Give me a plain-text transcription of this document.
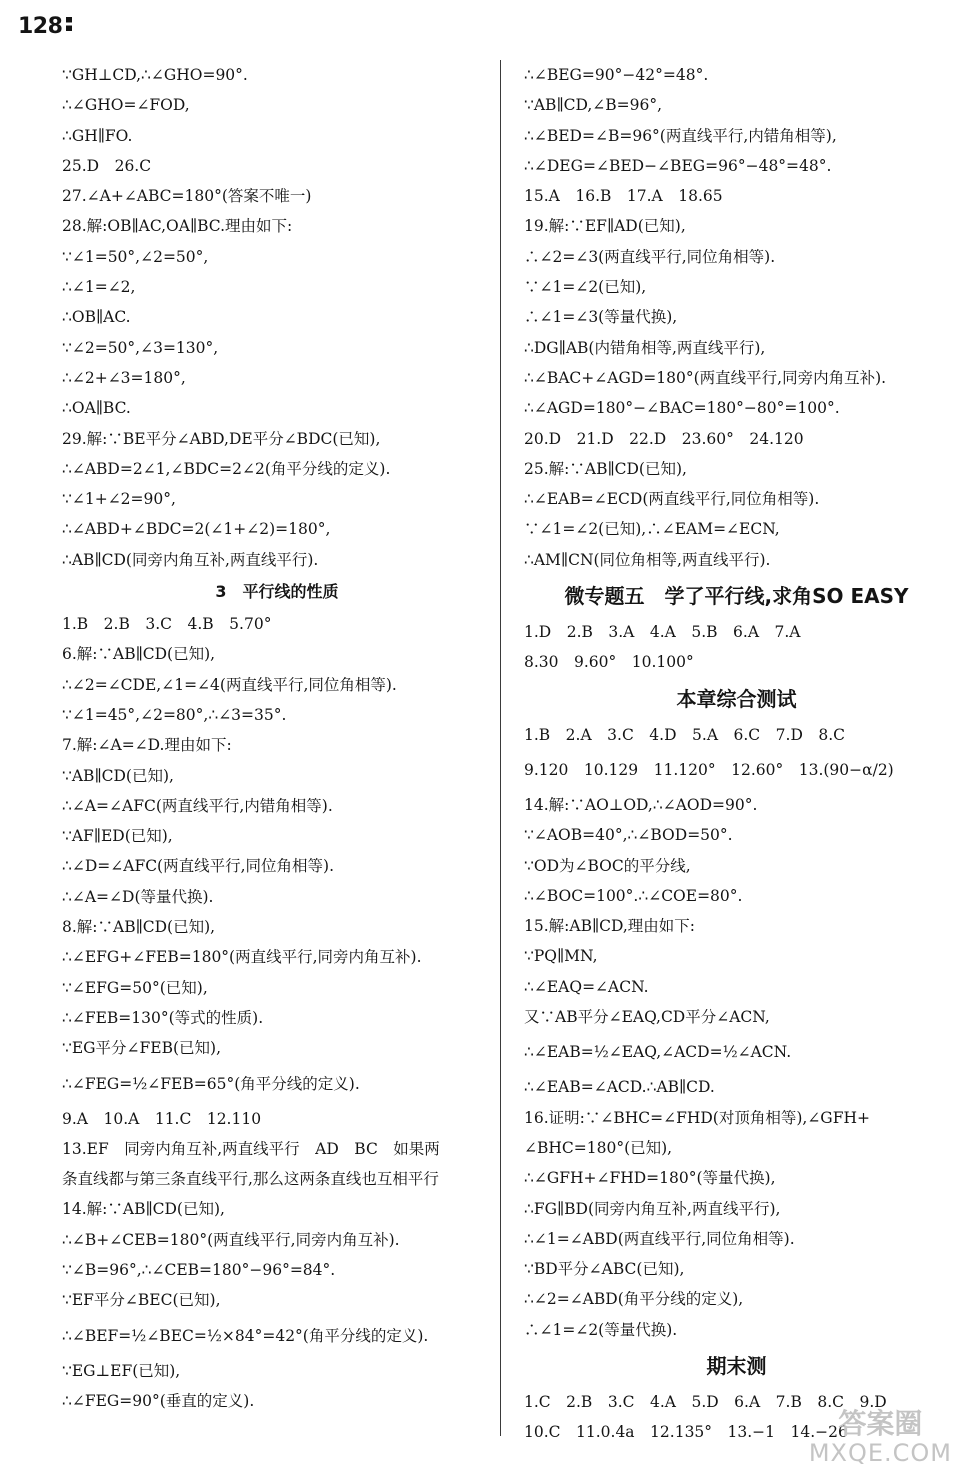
128
∵GH⊥CD,∴∠GHO=90°.
∴∠GHO=∠FOD,
∴GH∥FO.
25.D　26.C
27.∠A+∠ABC=180°(答案不唯一)
28.解:OB∥AC,OA∥BC.理由如下:
∵∠1=50°,∠2=50°,
∴∠1=∠2,
∴OB∥AC.
∵∠2=50°,∠3=130°,
∴∠2+∠3=180°,
∴OA∥BC.
29.解:∵BE平分∠ABD,DE平分∠BDC(已知),
∴∠ABD=2∠1,∠BDC=2∠2(角平分线的定义).
∵∠1+∠2=90°,
∴∠ABD+∠BDC=2(∠1+∠2)=180°,
∴AB∥CD(同旁内角互补,两直线平行).
3　平行线的性质
1.B　2.B　3.C　4.B　5.70°
6.解:∵AB∥CD(已知),
∴∠2=∠CDE,∠1=∠4(两直线平行,同位角相等).
∵∠1=45°,∠2=80°,∴∠3=35°.
7.解:∠A=∠D.理由如下:
∵AB∥CD(已知),
∴∠A=∠AFC(两直线平行,内错角相等).
∵AF∥ED(已知),
∴∠D=∠AFC(两直线平行,同位角相等).
∴∠A=∠D(等量代换).
8.解:∵AB∥CD(已知),
∴∠EFG+∠FEB=180°(两直线平行,同旁内角互补).
∵∠EFG=50°(已知),
∴∠FEB=130°(等式的性质).
∵EG平分∠FEB(已知),
∴∠FEG=½∠FEB=65°(角平分线的定义).
9.A　10.A　11.C　12.110
13.EF　同旁内角互补,两直线平行　AD　BC　如果两
条直线都与第三条直线平行,那么这两条直线也互相平行
14.解:∵AB∥CD(已知),
∴∠B+∠CEB=180°(两直线平行,同旁内角互补).
∵∠B=96°,∴∠CEB=180°−96°=84°.
∵EF平分∠BEC(已知),
∴∠BEF=½∠BEC=½×84°=42°(角平分线的定义).
∵EG⊥EF(已知),
∴∠FEG=90°(垂直的定义).
∴∠BEG=90°−42°=48°.
∵AB∥CD,∠B=96°,
∴∠BED=∠B=96°(两直线平行,内错角相等),
∴∠DEG=∠BED−∠BEG=96°−48°=48°.
15.A　16.B　17.A　18.65
19.解:∵EF∥AD(已知),
∴∠2=∠3(两直线平行,同位角相等).
∵∠1=∠2(已知),
∴∠1=∠3(等量代换),
∴DG∥AB(内错角相等,两直线平行),
∴∠BAC+∠AGD=180°(两直线平行,同旁内角互补).
∴∠AGD=180°−∠BAC=180°−80°=100°.
20.D　21.D　22.D　23.60°　24.120
25.解:∵AB∥CD(已知),
∴∠EAB=∠ECD(两直线平行,同位角相等).
∵∠1=∠2(已知),∴∠EAM=∠ECN,
∴AM∥CN(同位角相等,两直线平行).
微专题五　学了平行线,求角SO EASY
1.D　2.B　3.A　4.A　5.B　6.A　7.A
8.30　9.60°　10.100°
本章综合测试
1.B　2.A　3.C　4.D　5.A　6.C　7.D　8.C
9.120　10.129　11.120°　12.60°　13.(90−α/2)
14.解:∵AO⊥OD,∴∠AOD=90°.
∵∠AOB=40°,∴∠BOD=50°.
∵OD为∠BOC的平分线,
∴∠BOC=100°.∴∠COE=80°.
15.解:AB∥CD,理由如下:
∵PQ∥MN,
∴∠EAQ=∠ACN.
又∵AB平分∠EAQ,CD平分∠ACN,
∴∠EAB=½∠EAQ,∠ACD=½∠ACN.
∴∠EAB=∠ACD.∴AB∥CD.
16.证明:∵∠BHC=∠FHD(对顶角相等),∠GFH+
∠BHC=180°(已知),
∴∠GFH+∠FHD=180°(等量代换),
∴FG∥BD(同旁内角互补,两直线平行),
∴∠1=∠ABD(两直线平行,同位角相等).
∵BD平分∠ABC(已知),
∴∠2=∠ABD(角平分线的定义),
∴∠1=∠2(等量代换).
期末测
1.C　2.B　3.C　4.A　5.D　6.A　7.B　8.C　9.D
10.C　11.0.4a　12.135°　13.−1　14.−26
答案圈
MXQE.COM
